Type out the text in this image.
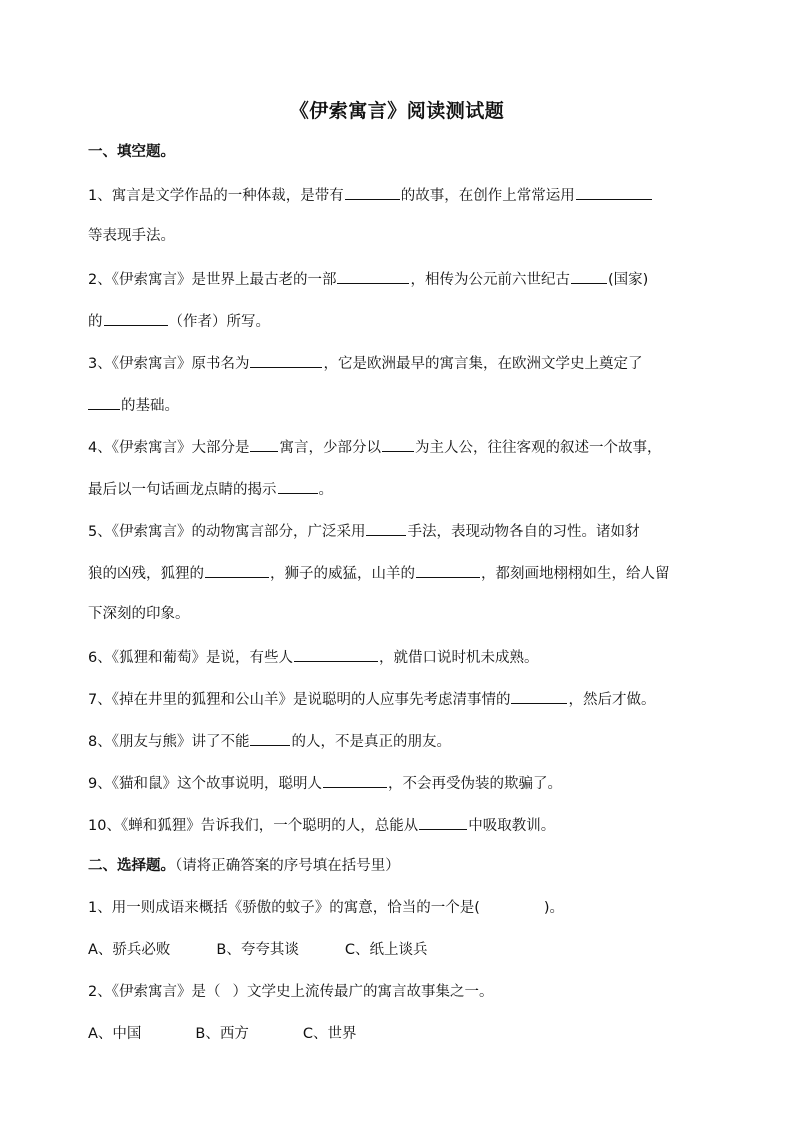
《伊索寓言》阅读测试题
一、填空题。
1、寓言是文学作品的一种体裁，是带有	的故事，在创作上常常运用
等表现手法。
2、《伊索寓言》是世界上最古老的一部	，相传为公元前六世纪古	(国家)
的	（作者）所写。
3、《伊索寓言》原书名为	，它是欧洲最早的寓言集，在欧洲文学史上奠定了
的基础。
4、《伊索寓言》大部分是 寓言，少部分以 为主人公，往往客观的叙述一个故事，
最后以一句话画龙点睛的揭示	。
5、《伊索寓言》的动物寓言部分，广泛采用	手法，表现动物各自的习性。诸如豺
狼的凶残，狐狸的	，狮子的威猛，山羊的	，都刻画地栩栩如生，给人留
下深刻的印象。
6、《狐狸和葡萄》是说，有些人	，就借口说时机未成熟。
7、《掉在井里的狐狸和公山羊》是说聪明的人应事先考虑清事情的	，然后才做。
8、《朋友与熊》讲了不能	的人，不是真正的朋友。
9、《猫和鼠》这个故事说明，聪明人	，不会再受伪装的欺骗了。
10、《蝉和狐狸》告诉我们，一个聪明的人，总能从	中吸取教训。
二、选择题。（请将正确答案的序号填在括号里）
1、用一则成语来概括《骄傲的蚊子》的寓意，恰当的一个是(	)。
A、骄兵必败	B、夸夸其谈	C、纸上谈兵
2、《伊索寓言》是（ ）文学史上流传最广的寓言故事集之一。
A、中国	B、西方	C、世界
